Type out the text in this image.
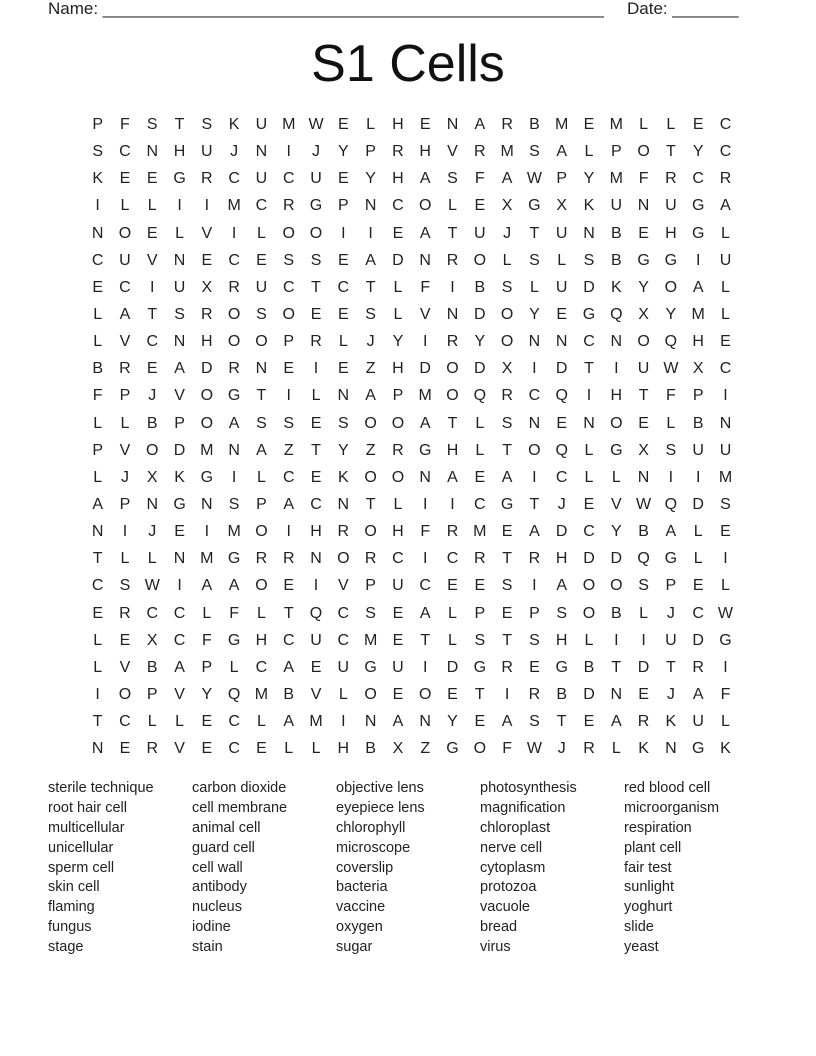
Name: _____________________________________________________ Date: _______
S1 Cells
P	F	S	T	S	K	U M W E	L	H	E	N	A	R	B M E M	L	L	E	C
S	C N H U	J	N	I	J	Y	P	R H	V	R M S	A	L	P O	T	Y	C
K	E	E G R C U C U	E	Y	H	A	S	F	A W P	Y M F	R C R
I	L	L	I	I	M C R G P	N C O	L	E	X G X	K	U N U G A
N O E	L	V	I	L	O O	I	I	E	A	T	U	J	T	U N	B	E	H G	L
C U	V	N	E	C	E	S	S	E	A	D N R O	L	S	L	S	B G G	I	U
E	C	I	U	X	R U C	T	C	T	L	F	I	B	S	L	U D	K	Y O A	L
L	A	T	S	R O S O E	E	S	L	V	N D O Y	E G Q X	Y M	L
L	V	C N H O O P	R	L	J	Y	I	R	Y O N N C N O Q H	E
B	R	E	A	D R N	E	I	E	Z	H D O D	X	I	D	T	I	U W X	C
F	P	J	V O G	T	I	L	N	A	P M O Q R C Q	I	H	T	F	P	I
L	L	B	P O A	S	S	E	S O O A	T	L	S	N	E	N O E	L	B	N
P	V O D M N	A	Z	T	Y	Z	R G H	L	T	O Q	L	G X	S	U U
L	J	X	K G	I	L	C	E	K O O N	A	E	A	I	C	L	L	N	I	I	M
A	P	N G N	S	P	A	C N	T	L	I	I	C G	T	J	E	V W Q D	S
N	I	J	E	I	M O	I	H R O H	F	R M E	A	D C	Y	B	A	L	E
T	L	L	N M G R R N O R C	I	C R	T	R H D D Q G	L	I
C	S W	I	A	A O E	I	V	P	U C	E	E	S	I	A O O S	P	E	L
E	R C C	L	F	L	T	Q C	S	E	A	L	P	E	P	S O B	L	J	C W
L	E	X	C	F	G H C U C M E	T	L	S	T	S	H	L	I	I	U D G
L	V	B	A	P	L	C	A	E	U G U	I	D G R	E G B	T	D	T	R	I
I	O P	V	Y Q M B	V	L	O E O E	T	I	R	B	D N	E	J	A	F
T	C	L	L	E	C	L	A M	I	N	A	N	Y	E	A	S	T	E	A	R	K	U	L
N	E	R	V	E	C	E	L	L	H	B	X	Z	G O	F W J	R	L	K	N G K
sterile technique
root hair cell
multicellular
unicellular
sperm cell
skin cell
flaming
fungus
stage
carbon dioxide
cell membrane
animal cell
guard cell
cell wall
antibody
nucleus
iodine
stain
objective lens
eyepiece lens
chlorophyll
microscope
coverslip
bacteria
vaccine
oxygen
sugar
photosynthesis
magnification
chloroplast
nerve cell
cytoplasm
protozoa
vacuole
bread
virus
red blood cell
microorganism
respiration
plant cell
fair test
sunlight
yoghurt
slide
yeast
